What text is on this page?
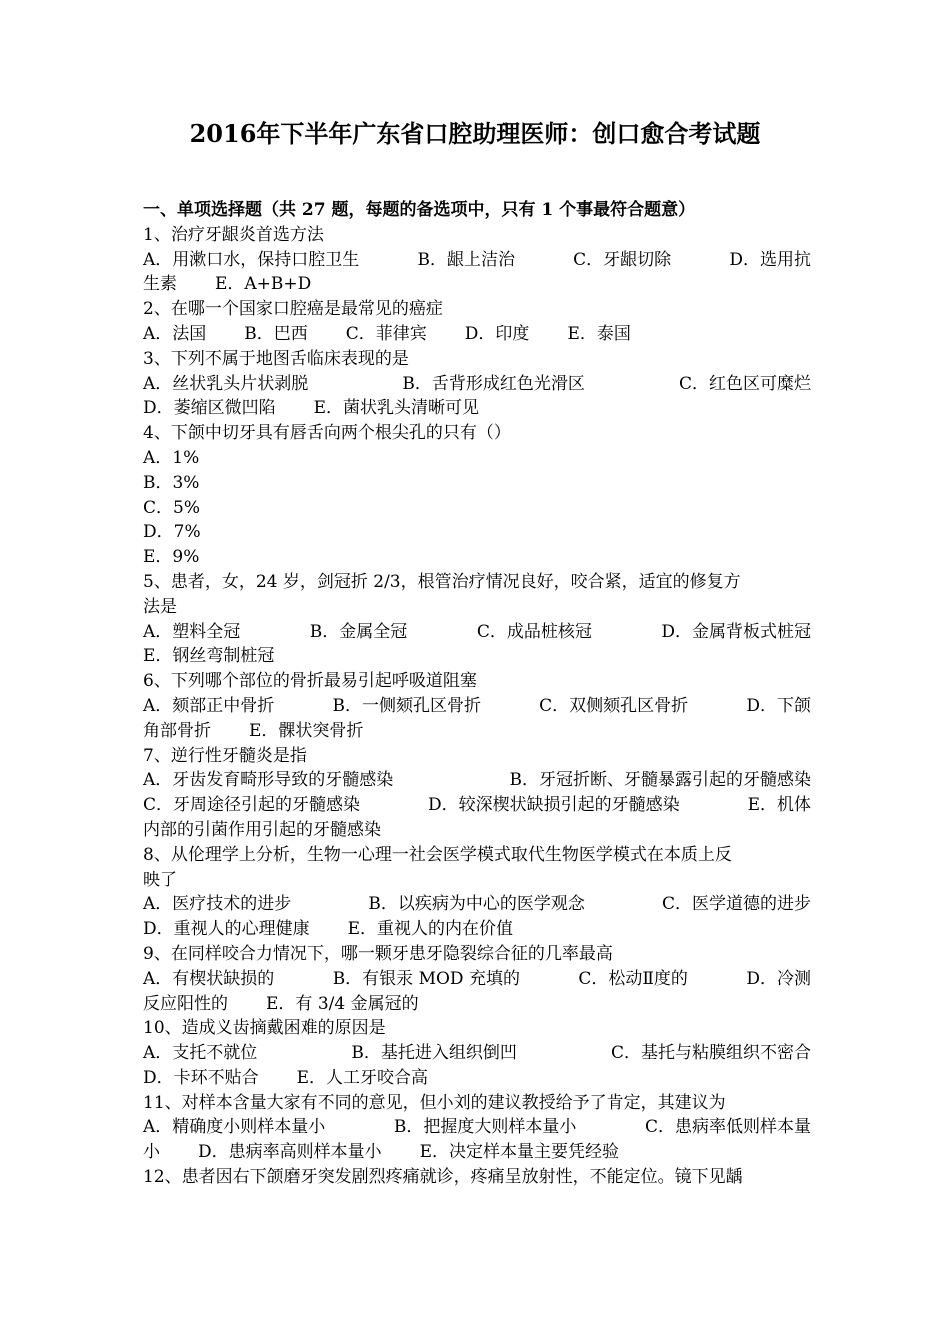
2016年下半年广东省口腔助理医师：创口愈合考试题
一、单项选择题（共 27 题，每题的备选项中，只有 1 个事最符合题意）
1、治疗牙龈炎首选方法
A．用漱口水，保持口腔卫生	B．龈上洁治	C．牙龈切除	D．选用抗
生素 E．A+B+D
2、在哪一个国家口腔癌是最常见的癌症
A．法国 B．巴西 C．菲律宾 D．印度 E．泰国
3、下列不属于地图舌临床表现的是
A．丝状乳头片状剥脱	B．舌背形成红色光滑区	C．红色区可糜烂
D．萎缩区微凹陷 E．菌状乳头清晰可见
4、下颌中切牙具有唇舌向两个根尖孔的只有（）
A．1%
B．3%
C．5%
D．7%
E．9%
5、患者，女，24 岁，剑冠折 2/3，根管治疗情况良好，咬合紧，适宜的修复方
法是
A．塑料全冠	B．金属全冠	C．成品桩核冠	D．金属背板式桩冠
E．钢丝弯制桩冠
6、下列哪个部位的骨折最易引起呼吸道阻塞
A．颏部正中骨折	B．一侧颏孔区骨折	C．双侧颏孔区骨折	D．下颌
角部骨折 E．髁状突骨折
7、逆行性牙髓炎是指
A．牙齿发育畸形导致的牙髓感染	B．牙冠折断、牙髓暴露引起的牙髓感染
C．牙周途径引起的牙髓感染	D．较深楔状缺损引起的牙髓感染	E．机体
内部的引菌作用引起的牙髓感染
8、从伦理学上分析，生物一心理一社会医学模式取代生物医学模式在本质上反
映了
A．医疗技术的进步	B．以疾病为中心的医学观念	C．医学道德的进步
D．重视人的心理健康 E．重视人的内在价值
9、在同样咬合力情况下，哪一颗牙患牙隐裂综合征的几率最高
A．有楔状缺损的	B．有银汞 MOD 充填的	C．松动Ⅱ度的	D．冷测
反应阳性的 E．有 3/4 金属冠的
10、造成义齿摘戴困难的原因是
A．支托不就位	B．基托进入组织倒凹	C．基托与粘膜组织不密合
D．卡环不贴合 E．人工牙咬合高
11、对样本含量大家有不同的意见，但小刘的建议教授给予了肯定，其建议为
A．精确度小则样本量小	B．把握度大则样本量小	C．患病率低则样本量
小 D．患病率高则样本量小 E．决定样本量主要凭经验
12、患者因右下颌磨牙突发剧烈疼痛就诊，疼痛呈放射性，不能定位。镜下见龋
